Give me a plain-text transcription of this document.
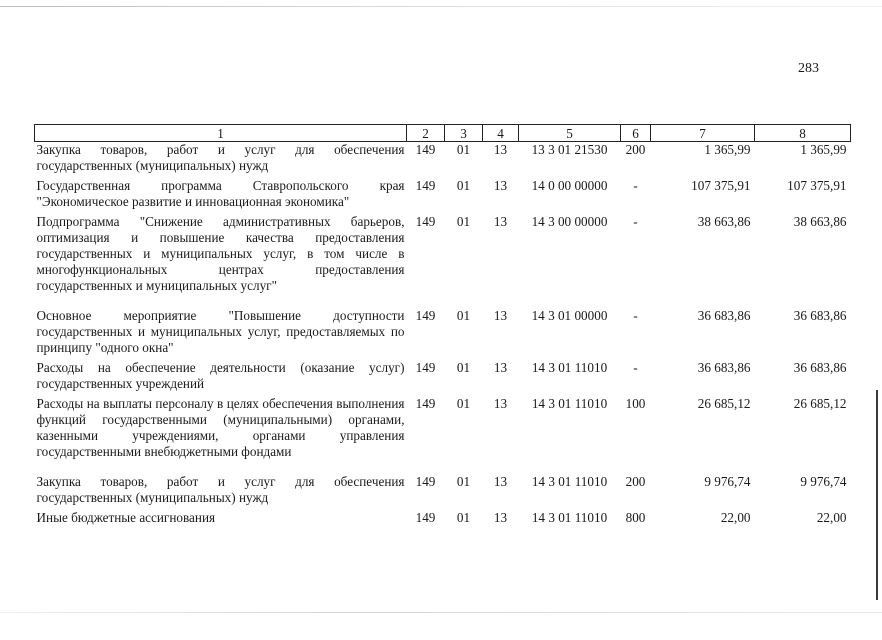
283
1	2	3	4	5	6	7	8
Закупка товаров, работ и услуг для обеспечения государственных (муниципальных) нужд	149	01	13	13 3 01 21530	200	1 365,99	1 365,99
Государственная программа Ставропольского края "Экономическое развитие и инновационная экономика"	149	01	13	14 0 00 00000	-	107 375,91	107 375,91
Подпрограмма "Снижение административных барьеров, оптимизация и повышение качества предоставления государственных и муниципальных услуг, в том числе в многофункциональных центрах предоставления государственных и муниципальных услуг"	149	01	13	14 3 00 00000	-	38 663,86	38 663,86
Основное мероприятие "Повышение доступности государственных и муниципальных услуг, предоставляемых по принципу "одного окна"	149	01	13	14 3 01 00000	-	36 683,86	36 683,86
Расходы на обеспечение деятельности (оказание услуг) государственных учреждений	149	01	13	14 3 01 11010	-	36 683,86	36 683,86
Расходы на выплаты персоналу в целях обеспечения выполнения функций государственными (муниципальными) органами, казенными учреждениями, органами управления государственными внебюджетными фондами	149	01	13	14 3 01 11010	100	26 685,12	26 685,12
Закупка товаров, работ и услуг для обеспечения государственных (муниципальных) нужд	149	01	13	14 3 01 11010	200	9 976,74	9 976,74
Иные бюджетные ассигнования	149	01	13	14 3 01 11010	800	22,00	22,00
